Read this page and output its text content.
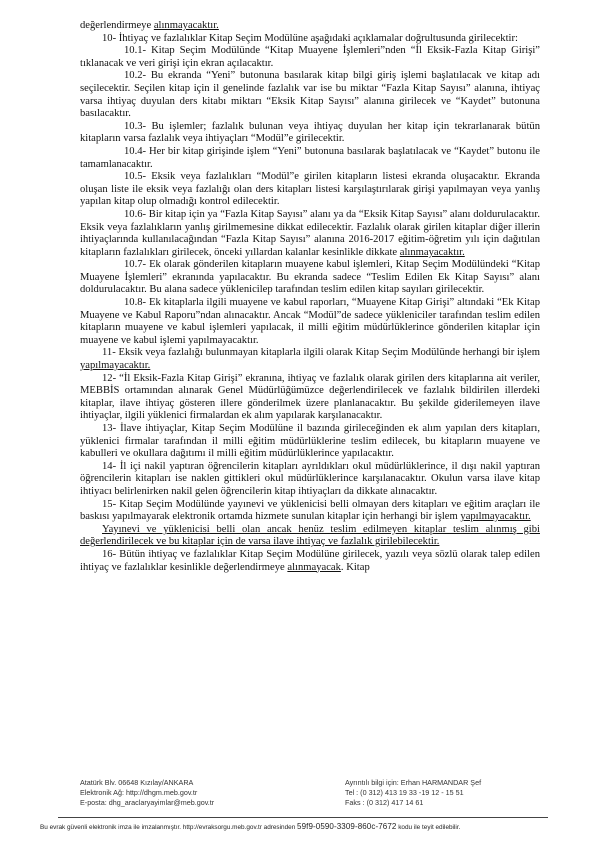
değerlendirmeye alınmayacaktır.

10- İhtiyaç ve fazlalıklar Kitap Seçim Modülüne aşağıdaki açıklamalar doğrultusunda girilecektir:

10.1- Kitap Seçim Modülünde “Kitap Muayene İşlemleri”nden “İl Eksik-Fazla Kitap Girişi” tıklanacak ve veri girişi için ekran açılacaktır.

10.2- Bu ekranda “Yeni” butonuna basılarak kitap bilgi giriş işlemi başlatılacak ve kitap adı seçilecektir. Seçilen kitap için il genelinde fazlalık var ise bu miktar “Fazla Kitap Sayısı” alanına, ihtiyaç varsa ihtiyaç duyulan ders kitabı miktarı “Eksik Kitap Sayısı” alanına girilecek ve “Kaydet” butonuna basılacaktır.

10.3- Bu işlemler; fazlalık bulunan veya ihtiyaç duyulan her kitap için tekrarlanarak bütün kitapların varsa fazlalık veya ihtiyaçları “Modül”e girilecektir.

10.4- Her bir kitap girişinde işlem “Yeni” butonuna basılarak başlatılacak ve “Kaydet” butonu ile tamamlanacaktır.

10.5- Eksik veya fazlalıkları “Modül”e girilen kitapların listesi ekranda oluşacaktır. Ekranda oluşan liste ile eksik veya fazlalığı olan ders kitapları listesi karşılaştırılarak girişi yapılmayan veya yanlış yapılan kitap olup olmadığı kontrol edilecektir.

10.6- Bir kitap için ya “Fazla Kitap Sayısı” alanı ya da “Eksik Kitap Sayısı” alanı doldurulacaktır. Eksik veya fazlalıkların yanlış girilmemesine dikkat edilecektir. Fazlalık olarak girilen kitaplar diğer illerin ihtiyaçlarında kullanılacağından “Fazla Kitap Sayısı” alanına 2016-2017 eğitim-öğretim yılı için dağıtılan kitapların fazlalıkları girilecek, önceki yıllardan kalanlar kesinlikle dikkate alınmayacaktır.

10.7- Ek olarak gönderilen kitapların muayene kabul işlemleri, Kitap Seçim Modülündeki “Kitap Muayene İşlemleri” ekranında yapılacaktır. Bu ekranda sadece “Teslim Edilen Ek Kitap Sayısı” alanı doldurulacaktır. Bu alana sadece yüklenicilер tarafından teslim edilen kitap sayıları girilecektir.

10.8- Ek kitaplarla ilgili muayene ve kabul raporları, “Muayene Kitap Girişi” altındaki “Ek Kitap Muayene ve Kabul Raporu”ndan alınacaktır. Ancak “Modül”de sadece yükleniciler tarafından teslim edilen kitapların muayene ve kabul işlemleri yapılacak, il milli eğitim müdürlüklerince gönderilen kitaplar için muayene ve kabul işlemi yapılmayacaktır.

11- Eksik veya fazlalığı bulunmayan kitaplarla ilgili olarak Kitap Seçim Modülünde herhangi bir işlem yapılmayacaktır.

12- “İl Eksik-Fazla Kitap Girişi” ekranına, ihtiyaç ve fazlalık olarak girilen ders kitaplarına ait veriler, MEBBİS ortamından alınarak Genel Müdürlüğümüzce değerlendirilecek ve fazlalık bildirilen illerdeki kitaplar, ilave ihtiyaç gösteren illere gönderilmek üzere planlanacaktır. Bu şekilde giderilemeyen ilave ihtiyaçlar, ilgili yüklenici firmalardan ek alım yapılarak karşılanacaktır.

13- İlave ihtiyaçlar, Kitap Seçim Modülüne il bazında girileceğinden ek alım yapılan ders kitapları, yüklenici firmalar tarafından il milli eğitim müdürlüklerine teslim edilecek, bu kitapların muayene ve kabulleri ve okullara dağıtımı il milli eğitim müdürlüklerince yapılacaktır.

14- İl içi nakil yaptıran öğrencilerin kitapları ayrıldıkları okul müdürlüklerince, il dışı nakil yaptıran öğrencilerin kitapları ise naklen gittikleri okul müdürlüklerince karşılanacaktır. Okulun varsa ilave kitap ihtiyacı belirlenirken nakil gelen öğrencilerin kitap ihtiyaçları da dikkate alınacaktır.

15- Kitap Seçim Modülünde yayınevi ve yüklenicisi belli olmayan ders kitapları ve eğitim araçları ile baskısı yapılmayarak elektronik ortamda hizmete sunulan kitaplar için herhangi bir işlem yapılmayacaktır.

Yayınevi ve yüklenicisi belli olan ancak henüz teslim edilmeyen kitaplar teslim alınmış gibi değerlendirilecek ve bu kitaplar için de varsa ilave ihtiyaç ve fazlalık girilebilecektir.

16- Bütün ihtiyaç ve fazlalıklar Kitap Seçim Modülüne girilecek, yazılı veya sözlü olarak talep edilen ihtiyaç ve fazlalıklar kesinlikle değerlendirmeye alınmayacak. Kitap

Atatürk Blv. 06648 Kızılay/ANKARA
Elektronik Ağ: http://dhgm.meb.gov.tr
E-posta: dhg_araclaryayimlar@meb.gov.tr
Ayrıntılı bilgi için: Erhan HARMANDAR Şef
Tel : (0 312) 413 19 33 -19 12 - 15 51
Faks : (0 312) 417 14 61
Bu evrak güvenli elektronik imza ile imzalanmıştır. http://evraksorgu.meb.gov.tr adresinden 59f9-0590-3309-860c-7672 kodu ile teyit edilebilir.
